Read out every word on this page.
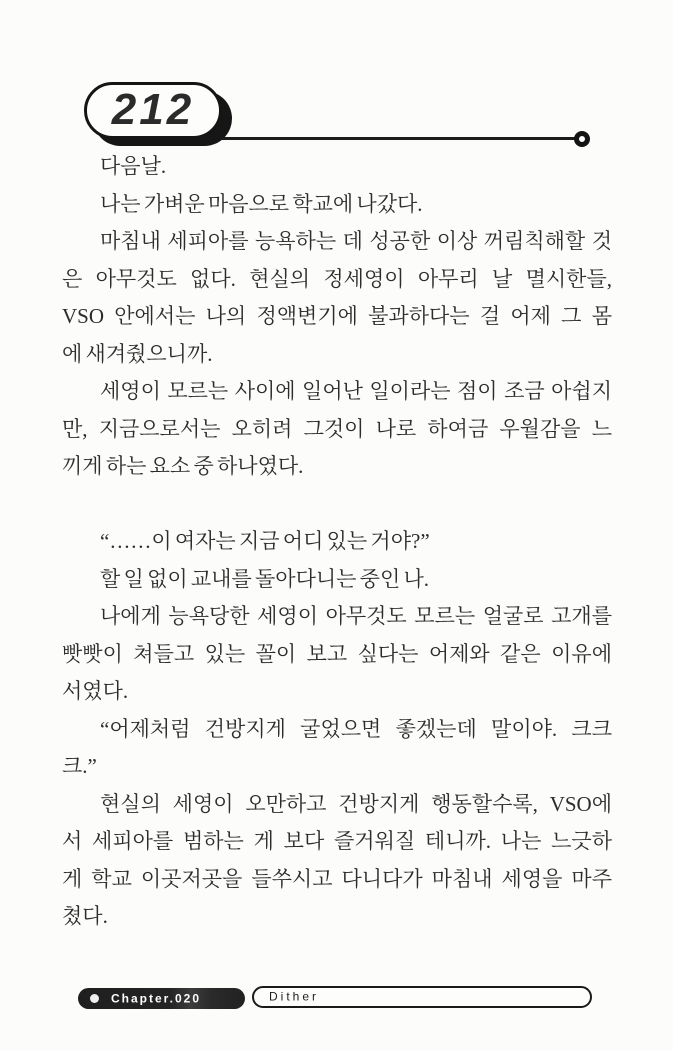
212
다음날.
나는 가벼운 마음으로 학교에 나갔다.
마침내 세피아를 능욕하는 데 성공한 이상 꺼림칙해할 것
은 아무것도 없다. 현실의 정세영이 아무리 날 멸시한들,
VSO 안에서는 나의 정액변기에 불과하다는 걸 어제 그 몸
에 새겨줬으니까.
세영이 모르는 사이에 일어난 일이라는 점이 조금 아쉽지
만, 지금으로서는 오히려 그것이 나로 하여금 우월감을 느
끼게 하는 요소 중 하나였다.
“……이 여자는 지금 어디 있는 거야?”
할 일 없이 교내를 돌아다니는 중인 나.
나에게 능욕당한 세영이 아무것도 모르는 얼굴로 고개를
빳빳이 쳐들고 있는 꼴이 보고 싶다는 어제와 같은 이유에
서였다.
“어제처럼 건방지게 굴었으면 좋겠는데 말이야. 크크
크.”
현실의 세영이 오만하고 건방지게 행동할수록, VSO에
서 세피아를 범하는 게 보다 즐거워질 테니까. 나는 느긋하
게 학교 이곳저곳을 들쑤시고 다니다가 마침내 세영을 마주
쳤다.
Chapter.020	Dither
